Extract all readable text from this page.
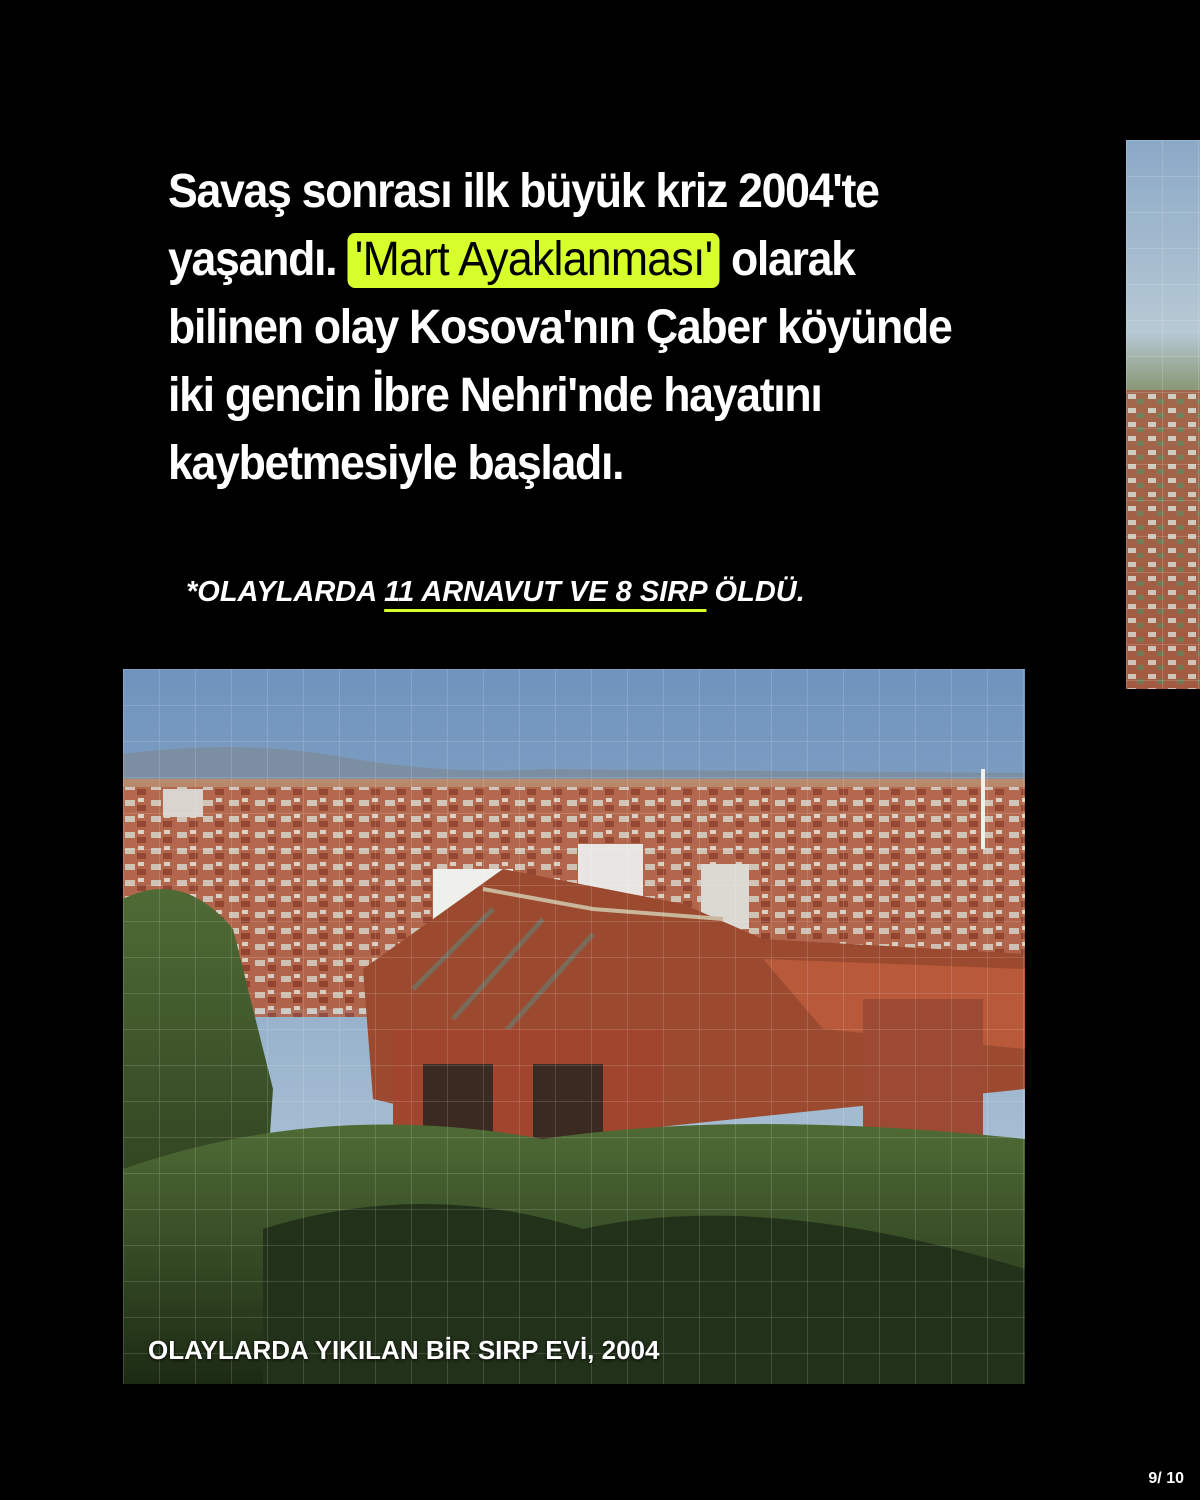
Savaş sonrası ilk büyük kriz 2004'te yaşandı. 'Mart Ayaklanması' olarak bilinen olay Kosova'nın Çaber köyünde iki gencin İbre Nehri'nde hayatını kaybetmesiyle başladı.

*OLAYLARDA 11 ARNAVUT VE 8 SIRP ÖLDÜ.

OLAYLARDA YIKILAN BİR SIRP EVİ, 2004

9/ 10
